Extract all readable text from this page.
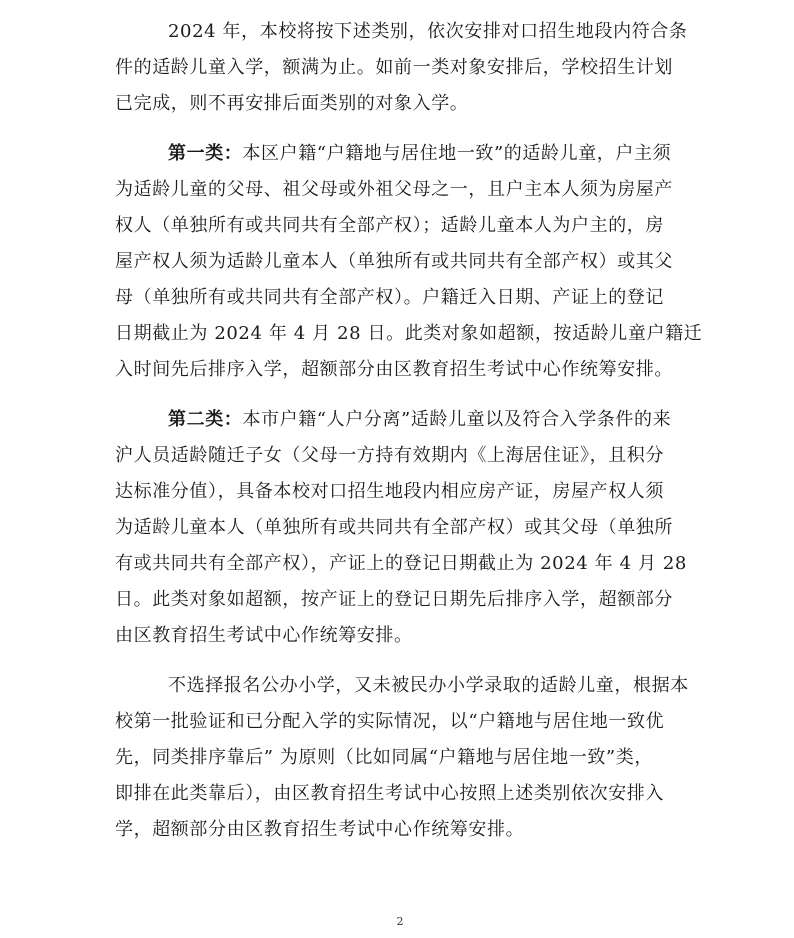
2024 年，本校将按下述类别，依次安排对口招生地段内符合条
件的适龄儿童入学，额满为止。如前一类对象安排后，学校招生计划
已完成，则不再安排后面类别的对象入学。

第一类：本区户籍“户籍地与居住地一致”的适龄儿童，户主须
为适龄儿童的父母、祖父母或外祖父母之一，且户主本人须为房屋产
权人（单独所有或共同共有全部产权）；适龄儿童本人为户主的，房
屋产权人须为适龄儿童本人（单独所有或共同共有全部产权）或其父
母（单独所有或共同共有全部产权）。户籍迁入日期、产证上的登记
日期截止为 2024 年 4 月 28 日。此类对象如超额，按适龄儿童户籍迁
入时间先后排序入学，超额部分由区教育招生考试中心作统筹安排。

第二类：本市户籍“人户分离”适龄儿童以及符合入学条件的来
沪人员适龄随迁子女（父母一方持有效期内《上海居住证》，且积分
达标准分值），具备本校对口招生地段内相应房产证，房屋产权人须
为适龄儿童本人（单独所有或共同共有全部产权）或其父母（单独所
有或共同共有全部产权），产证上的登记日期截止为 2024 年 4 月 28
日。此类对象如超额，按产证上的登记日期先后排序入学，超额部分
由区教育招生考试中心作统筹安排。

不选择报名公办小学，又未被民办小学录取的适龄儿童，根据本
校第一批验证和已分配入学的实际情况，以“户籍地与居住地一致优
先，同类排序靠后” 为原则（比如同属“户籍地与居住地一致”类，
即排在此类靠后），由区教育招生考试中心按照上述类别依次安排入
学，超额部分由区教育招生考试中心作统筹安排。

2
